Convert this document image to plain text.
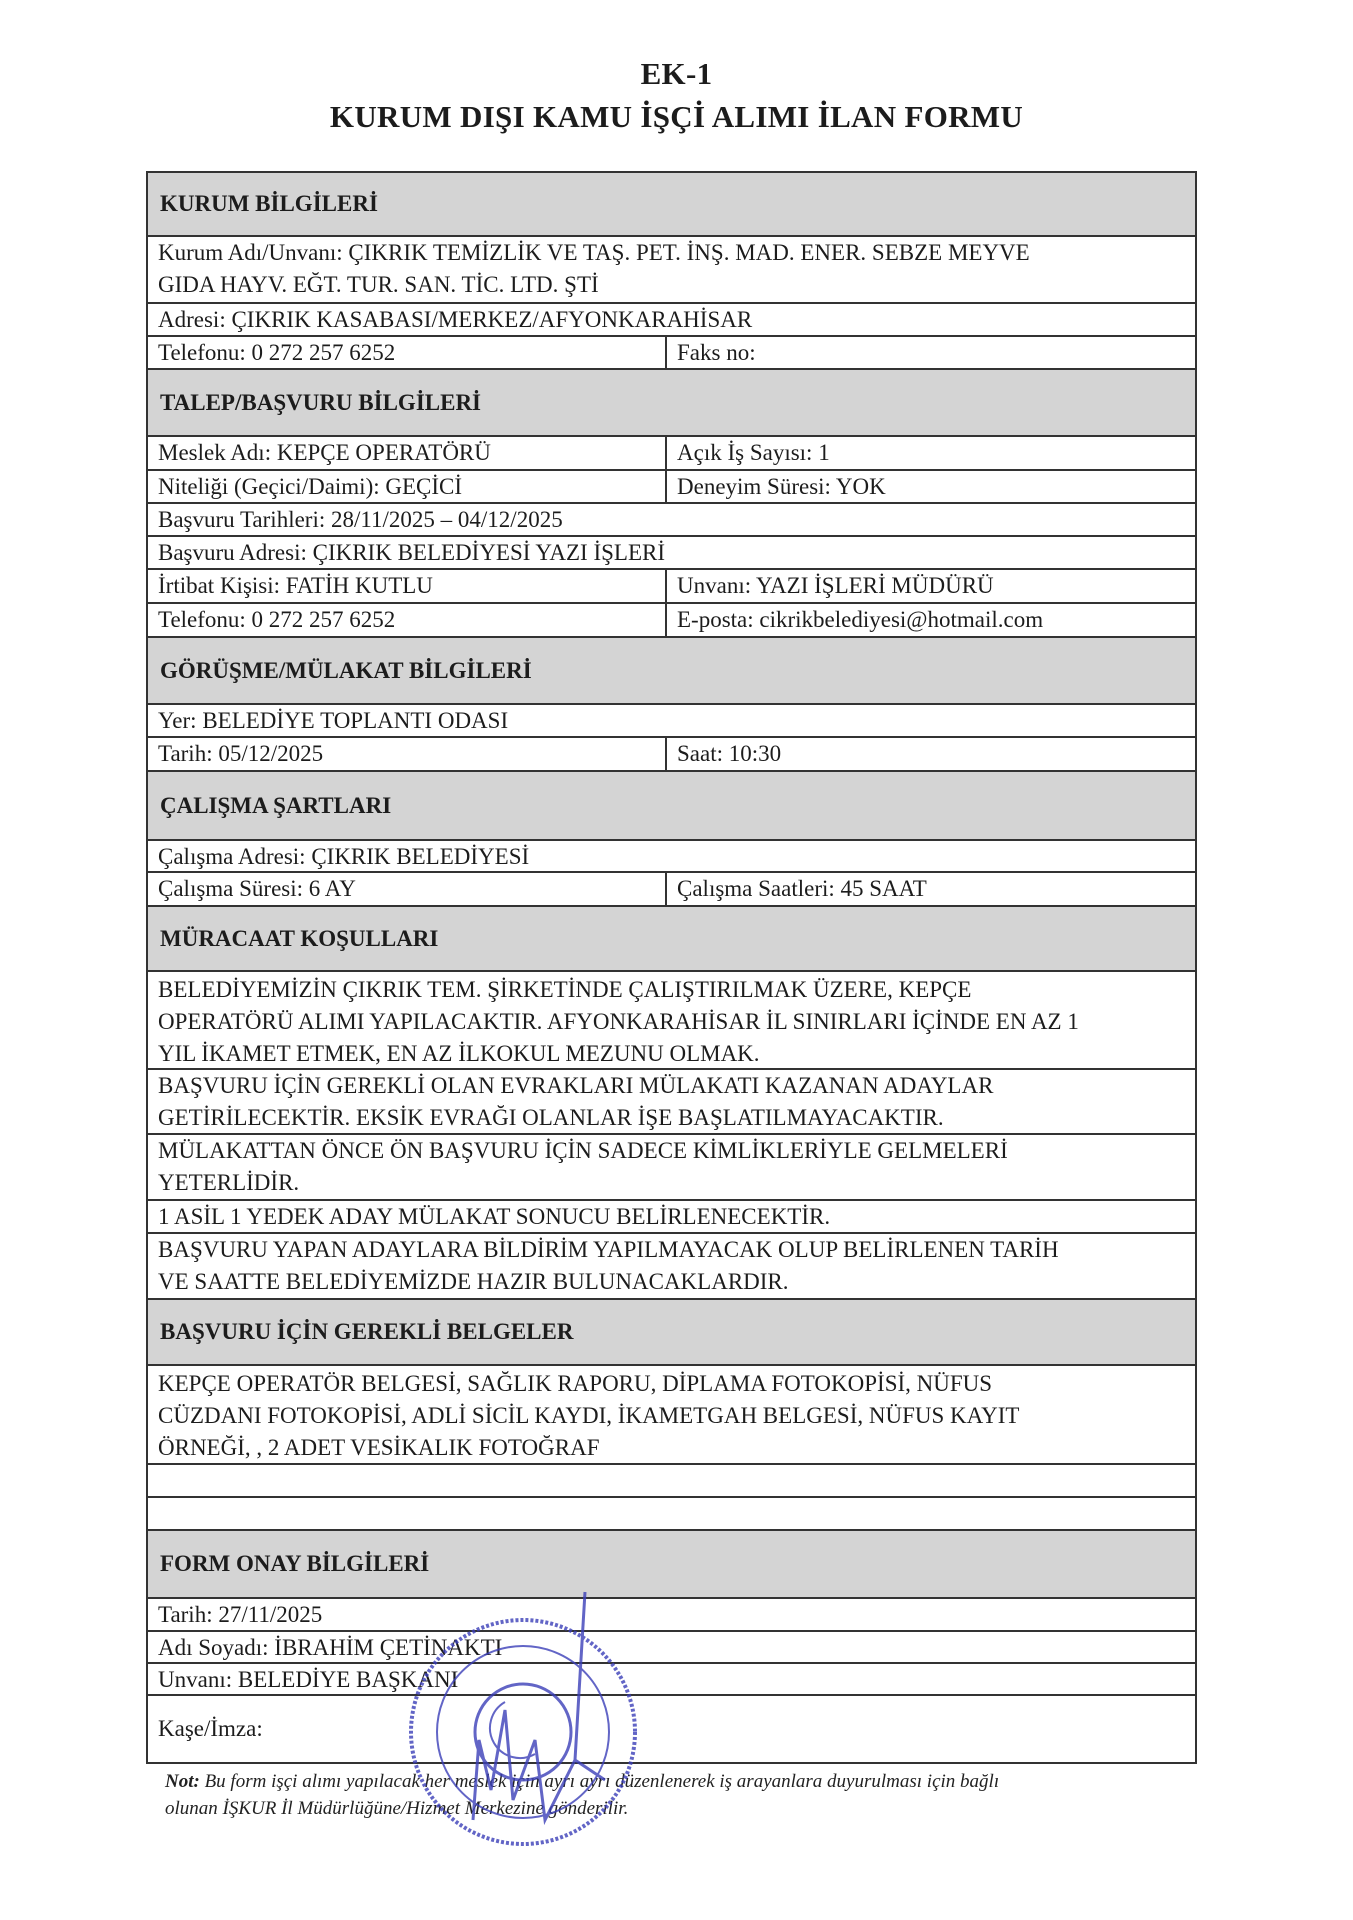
EK-1
KURUM DIŞI KAMU İŞÇİ ALIMI İLAN FORMU
KURUM BİLGİLERİ
Kurum Adı/Unvanı: ÇIKRIK TEMİZLİK VE TAŞ. PET. İNŞ. MAD. ENER. SEBZE MEYVE
GIDA HAYV. EĞT. TUR. SAN. TİC. LTD. ŞTİ
Adresi: ÇIKRIK KASABASI/MERKEZ/AFYONKARAHİSAR
Telefonu: 0 272 257 6252	Faks no:
TALEP/BAŞVURU BİLGİLERİ
Meslek Adı: KEPÇE OPERATÖRÜ	Açık İş Sayısı: 1
Niteliği (Geçici/Daimi): GEÇİCİ	Deneyim Süresi: YOK
Başvuru Tarihleri: 28/11/2025 – 04/12/2025
Başvuru Adresi: ÇIKRIK BELEDİYESİ YAZI İŞLERİ
İrtibat Kişisi: FATİH KUTLU	Unvanı: YAZI İŞLERİ MÜDÜRÜ
Telefonu: 0 272 257 6252	E-posta: cikrikbelediyesi@hotmail.com
GÖRÜŞME/MÜLAKAT BİLGİLERİ
Yer: BELEDİYE TOPLANTI ODASI
Tarih: 05/12/2025	Saat: 10:30
ÇALIŞMA ŞARTLARI
Çalışma Adresi: ÇIKRIK BELEDİYESİ
Çalışma Süresi: 6 AY	Çalışma Saatleri: 45 SAAT
MÜRACAAT KOŞULLARI
BELEDİYEMİZİN ÇIKRIK TEM. ŞİRKETİNDE ÇALIŞTIRILMAK ÜZERE, KEPÇE
OPERATÖRÜ ALIMI YAPILACAKTIR. AFYONKARAHİSAR İL SINIRLARI İÇİNDE EN AZ 1
YIL İKAMET ETMEK, EN AZ İLKOKUL MEZUNU OLMAK.
BAŞVURU İÇİN GEREKLİ OLAN EVRAKLARI MÜLAKATI KAZANAN ADAYLAR
GETİRİLECEKTİR. EKSİK EVRAĞI OLANLAR İŞE BAŞLATILMAYACAKTIR.
MÜLAKATTAN ÖNCE ÖN BAŞVURU İÇİN SADECE KİMLİKLERİYLE GELMELERİ
YETERLİDİR.
1 ASİL 1 YEDEK ADAY MÜLAKAT SONUCU BELİRLENECEKTİR.
BAŞVURU YAPAN ADAYLARA BİLDİRİM YAPILMAYACAK OLUP BELİRLENEN TARİH
VE SAATTE BELEDİYEMİZDE HAZIR BULUNACAKLARDIR.
BAŞVURU İÇİN GEREKLİ BELGELER
KEPÇE OPERATÖR BELGESİ, SAĞLIK RAPORU, DİPLAMA FOTOKOPİSİ, NÜFUS
CÜZDANI FOTOKOPİSİ, ADLİ SİCİL KAYDI, İKAMETGAH BELGESİ, NÜFUS KAYIT
ÖRNEĞİ, , 2 ADET VESİKALIK FOTOĞRAF
FORM ONAY BİLGİLERİ
Tarih: 27/11/2025
Adı Soyadı: İBRAHİM ÇETİNAKTI
Unvanı: BELEDİYE BAŞKANI
Kaşe/İmza:
Not: Bu form işçi alımı yapılacak her meslek için ayrı ayrı düzenlenerek iş arayanlara duyurulması için bağlı
olunan İŞKUR İl Müdürlüğüne/Hizmet Merkezine gönderilir.
